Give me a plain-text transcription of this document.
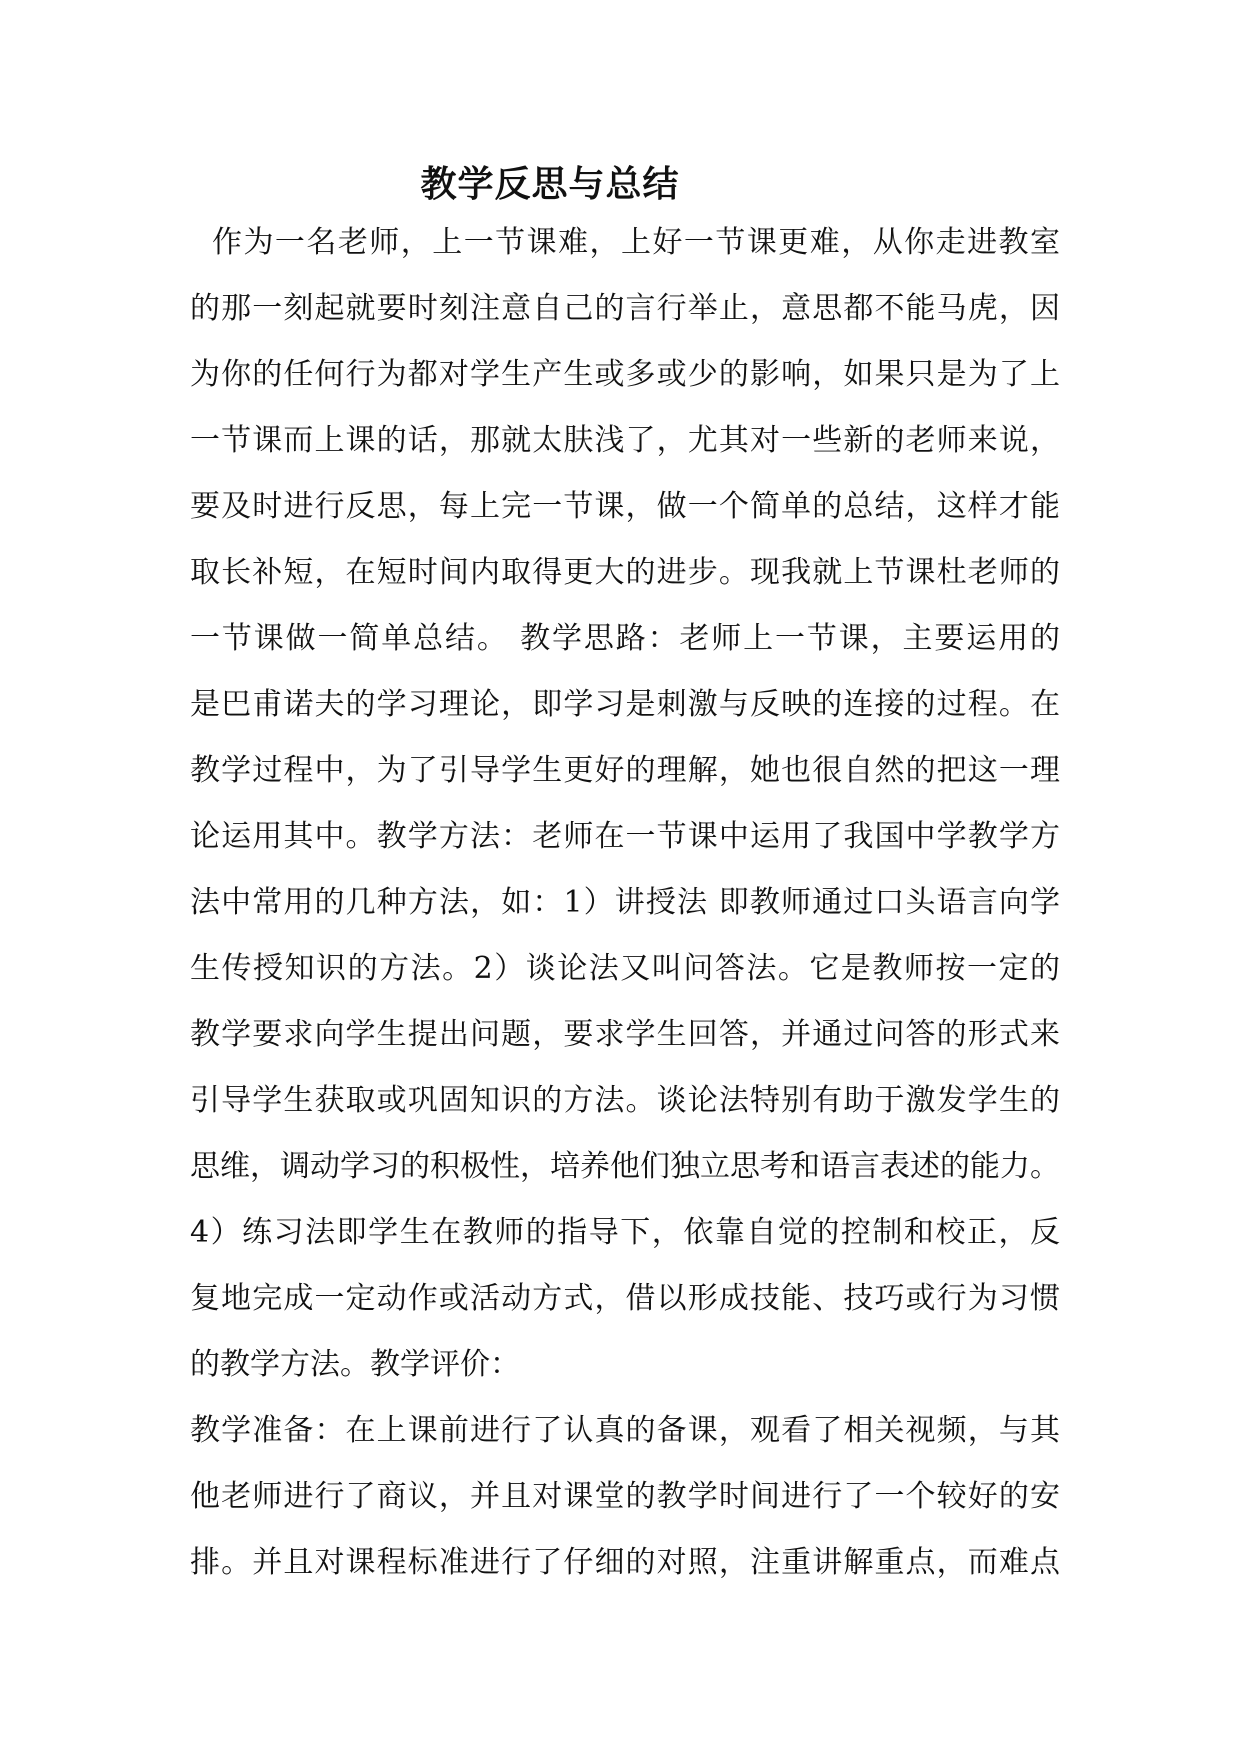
教学反思与总结
作为一名老师，上一节课难，上好一节课更难，从你走进教室
的那一刻起就要时刻注意自己的言行举止，意思都不能马虎，因
为你的任何行为都对学生产生或多或少的影响，如果只是为了上
一节课而上课的话，那就太肤浅了，尤其对一些新的老师来说，
要及时进行反思，每上完一节课，做一个简单的总结，这样才能
取长补短，在短时间内取得更大的进步。现我就上节课杜老师的
一节课做一简单总结。 教学思路：老师上一节课，主要运用的
是巴甫诺夫的学习理论，即学习是刺激与反映的连接的过程。在
教学过程中，为了引导学生更好的理解，她也很自然的把这一理
论运用其中。教学方法：老师在一节课中运用了我国中学教学方
法中常用的几种方法，如：1）讲授法 即教师通过口头语言向学
生传授知识的方法。2）谈论法又叫问答法。它是教师按一定的
教学要求向学生提出问题，要求学生回答，并通过问答的形式来
引导学生获取或巩固知识的方法。谈论法特别有助于激发学生的
思维，调动学习的积极性，培养他们独立思考和语言表述的能力。
4）练习法即学生在教师的指导下，依靠自觉的控制和校正，反
复地完成一定动作或活动方式，借以形成技能、技巧或行为习惯
的教学方法。教学评价：
教学准备：在上课前进行了认真的备课，观看了相关视频，与其
他老师进行了商议，并且对课堂的教学时间进行了一个较好的安
排。并且对课程标准进行了仔细的对照，注重讲解重点，而难点
